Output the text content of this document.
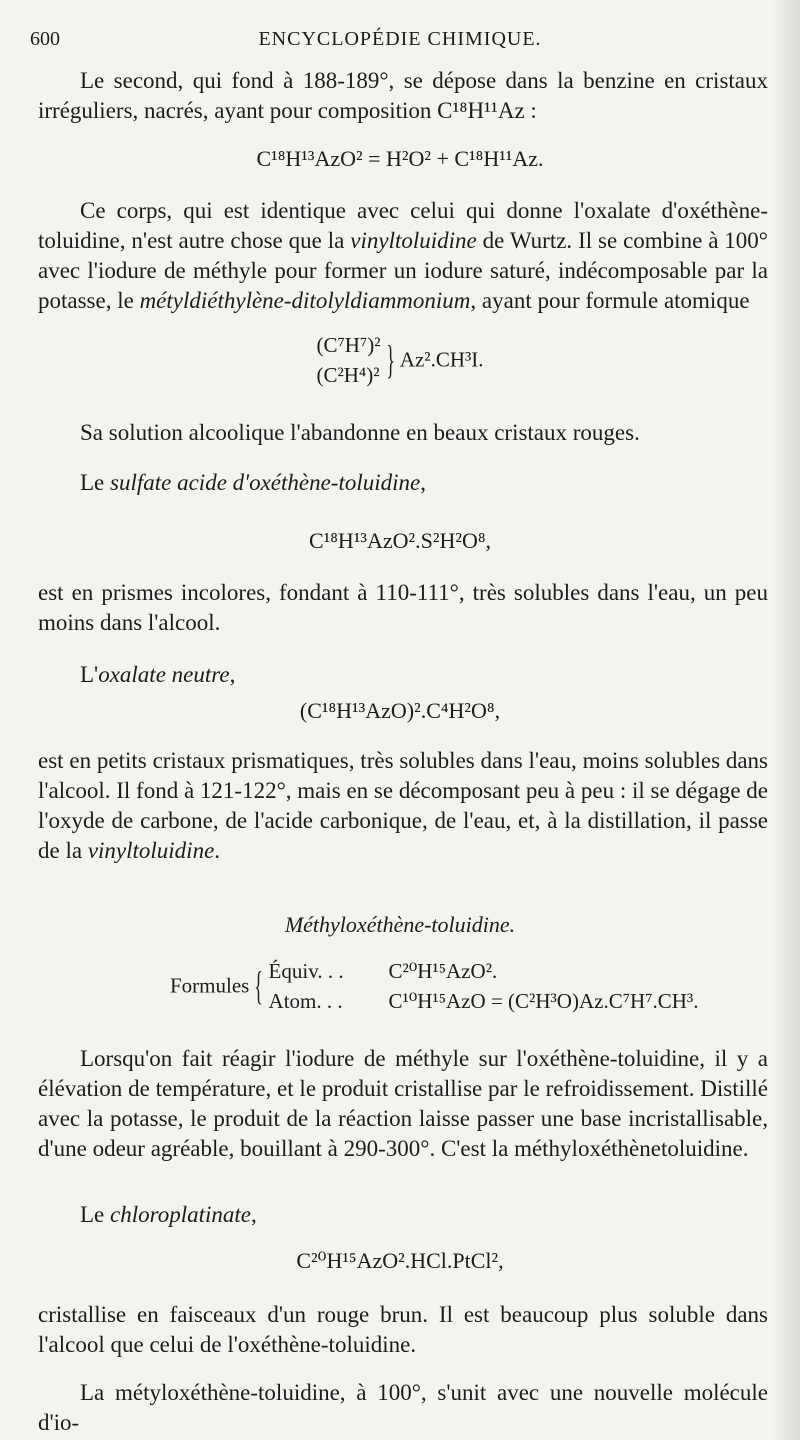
600	ENCYCLOPÉDIE CHIMIQUE.

Le second, qui fond à 188-189°, se dépose dans la benzine en cristaux irréguliers, nacrés, ayant pour composition C¹⁸H¹¹Az :

C¹⁸H¹³AzO² = H²O² + C¹⁸H¹¹Az.

Ce corps, qui est identique avec celui qui donne l'oxalate d'oxéthène-toluidine, n'est autre chose que la vinyltoluidine de Wurtz. Il se combine à 100° avec l'iodure de méthyle pour former un iodure saturé, indécomposable par la potasse, le métyldiéthylène-ditolyldiammonium, ayant pour formule atomique

(C⁷H⁷)²
(C²H⁴)² } Az².CH³I.

Sa solution alcoolique l'abandonne en beaux cristaux rouges.

Le sulfate acide d'oxéthène-toluidine,

C¹⁸H¹³AzO².S²H²O⁸,

est en prismes incolores, fondant à 110-111°, très solubles dans l'eau, un peu moins dans l'alcool.

L'oxalate neutre,

(C¹⁸H¹³AzO)².C⁴H²O⁸,

est en petits cristaux prismatiques, très solubles dans l'eau, moins solubles dans l'alcool. Il fond à 121-122°, mais en se décomposant peu à peu : il se dégage de l'oxyde de carbone, de l'acide carbonique, de l'eau, et, à la distillation, il passe de la vinyltoluidine.

Méthyloxéthène-toluidine.

Formules { Équiv. . . C²⁰H¹⁵AzO².
Atom. . . C¹⁰H¹⁵AzO = (C²H³O)Az.C⁷H⁷.CH³.

Lorsqu'on fait réagir l'iodure de méthyle sur l'oxéthène-toluidine, il y a élévation de température, et le produit cristallise par le refroidissement. Distillé avec la potasse, le produit de la réaction laisse passer une base incristallisable, d'une odeur agréable, bouillant à 290-300°. C'est la méthyloxéthènetoluidine.

Le chloroplatinate,

C²⁰H¹⁵AzO².HCl.PtCl²,

cristallise en faisceaux d'un rouge brun. Il est beaucoup plus soluble dans l'alcool que celui de l'oxéthène-toluidine.

La métyloxéthène-toluidine, à 100°, s'unit avec une nouvelle molécule d'io-
